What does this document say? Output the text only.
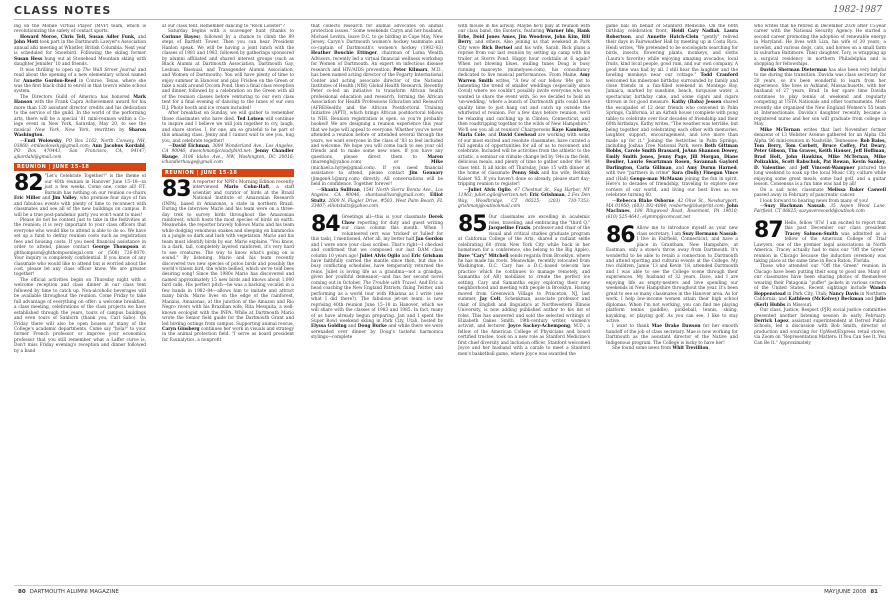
CLASS NOTES	1982-1987

ing on the Mobile Virtual Player (MVP) team, which is revolutionizing the safety of contact sports.

Howard Moroe, Chris Tell, Susan Adler Funk, and John Mott took part in the Dartmouth Lawyer's Association annual alki meeting at Whistler, British Columbia. Next year is scheduled for Snowbird. Following the skiing former Susan Hess hung out at Stonehead Mountain skiing with daughter Jennifer '10 and friends.

It was thrilling to open up The Wall Street Journal and read about the opening of a new elementary school named for Annette Gordon-Reed in Conroe, Texas, where she was the first black child to enroll in that town's white school system.

The Directors Guild of America has honored Mark Hanson with the Frank Capra Achievement award for his more than 120 assistant director credits and his dedication to the service of the guild. In the world of the performing arts, there will be a special '81 mini-reunion within a Co-lege event in New York, Saturday, May 20, to see the musical New York, New York, rewritten by Sharon Washington.

—Emil Wolowsky, PO Box 2162, North Conway, NH, 03860; emilwolowsky@gmail.com; Ann Jacobus Kordahl, PO Box 470443, San Francisco, CA, 94147; ajkordahl@gmail.com

REUNION | JUNE 15-18

82 "Let's Celebrate Together!" is the theme of our 40th reunion in Hanover June 15–18—in just a few weeks. Come one, come all! P.T. Barnum has nothing on our reunion co-chairs Eric Miller and Jim Valley, who promise four days of fun and fabulous events with plenty of time to reconnect with classmates and see all of the new buildings on campus. It will be a true post-pandemic party you won't want to miss!

Please do not be content just to take in the festivities at the reunion; it is very important to your class officers that everyone who would like to attend is able to do so. We have set up a fund to defray reunion costs such as registration fees and housing costs. If you need financial assistance in order to attend, please contact George Thompson at ghthompson@ghthompsonlegal.com or (508) 726-0070. Your inquiry is completely confidential. If you know of any classmate who would like to attend but is worried about the cost, please let any class officer know. We are greater together!

The official activities begin on Thursday night with a welcome reception and class dinner in our class tent followed by time to catch up. Non-alcoholic beverages will be available throughout the reunion. Come Friday to take full advantage of everything on offer: a welcome breakfast, a class meeting, celebrations of the class projects we have established through the years, tours of campus buildings and even tours of Sanborn (thank you, Carl Sabo). On Friday there will also be open houses at many of the College's academic departments. Come say "hola!" to your former French professor or improve your economics professor that you still remember what a Laffer curve is. Don't miss Friday evening's reception and dinner followed by a band

at our class tent. Remember dancing to "Rock Lobster"?

Saturday begins with a scavenger hunt (thanks to Corinne Hayes), followed by a chance to climb the 89 steps of Bartlett Tower. Then you can hear President Hanlon speak. We will be having a joint lunch with the classes of 1981 and 1983, followed by gatherings sponsored by alumni affiliated and shared interest groups (such as Black Alumni at Dartmouth Association, Dartmouth Gay, Lesbian, Bisexual, and Transgender Alumni Association, and Women of Dartmouth). You will have plenty of time to enjoy summer in Hanover and play Frisbee on the Green or take a walk around Occom Pond, then a final class reception and dinner, followed by a celebration on the Green with all of the reunion classes before venturing to our own class tent for a final evening of dancing to the tunes of our own D.J. Photo booth and ice cream included!

After breakfast on Sunday, we will gather to remember those classmates who have died. Ted Lotsen will continue to inspire and I believe we will join together to cry, laugh, and share stories. I, for one, am so grateful to be part of this amazing class. Jenny and I cannot wait to see you, hug you, and celebrate together!

—David Eichman, 3004 Wonderland Ave., Los Angeles, CA 90046; dweichman@cloudybird.net; Jenny Chandler Hauge, 3106 Idaho Ave., NW, Washington, DC 20016; ichandlerhauge@gmail.com

REUNION | JUNE 15-18

83 A reporter for NPR's Morning Edition recently interviewed Mario Cohn-Haft, a staff scientist and curator of birds at the Brazil National Institute of Amazonian Research (INPA), based in Amazonas, a state in northern Brazil. During the interview Mario and his team were on a three-day trek to survey birds throughout the Amazonian rainforest, which hosts the most species of birds on earth. Meanwhile, the reporter bravely follows Mario and his team while dodging venomous snakes and sleeping on hammocks in a jungle so dark and lush with vegetation. Mario and his team must identify birds by ear, Mario explains, "You know, in a dark, tall, completely layered rainforest, it's very hard to see creatures. The way to know what's going on is sound." By listening, Mario and his team recently discovered two new species of potoo birds and possibly the world's tiniest bird, the white bellied, which we've told bees desiring song! Since the 1980s Mario has discovered and named approximately 15 new birds and knows about 1,000 bird calls. His perfect pitch—he was a backing vocalist in a few bands in 1982–84—allows him to imitate and attract many birds. Mario lives on the edge of the rainforest, Manaus, Amazonas, at the junction of the Amazon and Rio Negro rivers with his Brazilian wife, Rita Mesquita, a well-known ecologist with the INPA. While at Dartmouth Mario wrote the Senior field guide for the Dartmouth Grant and led birding outings from campus. Supporting animal rescue, Caryn Ginsberg continues her work in visuals and strategy in the animal protection field. "I serve as board president for Faunalytics, a nonprofit

that collects research for animal advocates on animal protection issues." Some weekends Caryn and her husband, Michael Levitin, leave D.C. to go birding in Cape May, New Jersey. Caryn's Dartmouth women's hockey teammate and co-captain of Dartmouth's women's hockey (1982–83) Heather Bouchie Ettinger, chairman of Luma Wealth Advisors, recently led a virtual financial wellness workshop for Women of Dartmouth. An expert on infectious disease research and HIV/AIDS prevention, Peter Kilmarx, M.D., has been named acting director of the Fogarty International Center and acting associate director of the National Institutes of Health (NIH) Global Health Research. Recently Peter co-led an initiative to transform African health professional education and research, forming the African Association for Health Professions Education and Research (AFREHealth) and the African Postdoctoral Training Initiative (APTI), which brings African postdoctoral fellows to NIH. Reunion registration is open, so you're probably booked! We are designing a reunion experience this year that we hope will appeal to everyone. Whether you've never attended a reunion before or attended several through the years, we want everyone in the class of '83 to feel included and welcome. We hope you will come back to see your old friends and to make some new ones. If you have any questions, please direct them to Maren (marengb@yahoo.com) or Mike (michael.a.hyrje@gmail.com). If you need financial assistance to attend, please contact Jim Gennary (jimgen4.1@mrg.com) directly. All conversations will be held in confidence. Together forever!

—Shanta Sullivan, 1541 North Sierra Bonita Ave., Los Angeles, CA 90046; shantasullivan@gmail.com; Elliot Stultz, 2600 N. Flagler Drive, #503, West Palm Beach, FL 33407; elliotstultz@yahoo.com

84 Greetings all—this is your classmate Derek Chow reporting for duty and guest writing our class column this month. When I volunteered (err, was 'tricked' or 'lulled' for this task), I mentioned, After all, my better half Jan Gordon and I were once your class scribes. That's right—I checked and confirmed that we composed our last DAM class column 10 years ago! Juliet Alvis Ogilo and Eric Grisham have faithfully carried the mantle since then, but due to busy conflicting schedules, have temporarily returned the reins. Juliet is loving life as a grandma—not a grandpa, given her youthful demeanor—and has her second novel coming out in October, The Trouble with Travel. And Eric is head coaching the New England Patriots, fixing Twitter, and performing as a world tour with Rhianna as I write (see what I did there?). The fabulous jet-set team, is now reprising 40th reunion June 15–18 in Hanover, which we will share with the classes of 1983 and 1985. In fact, many of us have already begun preparing. Jan and I spent the Super Bowl weekend skiing in Park City, Utah, hosted by Elyssa Golding and Doug Burke and while there we were serenaded over dinner by Doug's tasteful harmonica stylings—complete

with mouse in his airway. Maybe he'll play at reunion with our class band, the Esoterix, featuring Warner Ido, Hank Erbe, Doid Jones Ames, Jim Woodrow, John Kim, Bill Berry, and others. Also joining us that weekend in Park City were Rick Bertsel and his wife, Sarah. Rick plans a reprise from our last reunion by setting up camp with his trailer at Storrs Pond. Happy hour cocktails at 6 again? When not blowing blues, wailing tunes Doug is busy running maxceyte (munelysee.com), his consultancy dedicated to live musical performances. From Maine, Amy Warren Smith writes, "A few of our fellow '84s got to lamenting the trend of smaller weddings (especially since Covid) where we couldn't possibly invite everyone who we wanted to share the event with. So we decided to hold an 'un-wedding,' where a bunch of Dartmouth girls could have quality time to just hang out and catch up outside the whirlwind of reunion. For a few days before reunion, we'll be relaxing and catching up in Clinton, Connecticut, and then roadtripping together to the wilds of New Hampshire." We'll see you all at reunion! Chairpersons Kaye Kaminetz, Marla Cole, and David Cowhead are working with some of our most excited and resolute classmates, have curated a full agenda of opportunities for all of us to reconnect and celebrate. Included will be activities from the athletic to the artistic, a seminar on climate change led by '84s in the field, delicious meals, and plenty of time to gather under the '84 class tent. It all kicks off Thursday, June 15 with dinner at the home of classmate Penny Sisk and his wife, Bethink Kaiser '85. If you haven't done so already, please start day-tripping reunion to register!

—Juliet Alvis Ogilo, 47 Chestnut St., Sag Harbor, NY 11963; juliet.ogilo@verizon.net; Eric Grishman, 2 Fox Den Way, Woodbridge, CT 06525; (203) 710-7353; grishmanj@outlookmail.com

85 Our classmates are excelling in academic roles, traveling, and embracing the "third Q." Jacqueline Fraxis, professor and chair of the visual and critical studies graduate program at California College of the Arts, shared a radiant selfie celebrating 60 (from New York City while back in her hometown for a conference, she belong to the Big Apple). Dave "Cary" Mitchell sends regards from Brooklyn, where he has made his roots. Meanwhile, recently relocated from Washington, D.C. Cary has a D.C.-based telecom law practice which he continues to manage remotely, and Samantha (of AB) mobilizes to create the perfect ice setting. Cary and Samantha enjoy exploring their new neighborhood and meeting with people in Brooklyn. Having moved from Greenwich Village to Princeton, NJ, last summer, Jay Colt, Schenkman, associate professor and chair of English and linguistics at Northwestern Illinois University, is now adding published author to his list of roles. This has answered and sold the selected writings of Elizabeth Oakes Smith, 19th-century writer, women's activist, and lecturer. Joyce Sackey-Achempong, M.D., a fellow of the American College of Physicians and board certified trustee, took on a new role as Stanford Medicine's first chief diversity and inclusion officer, Stanford welcomed Joyce and her husband with a carafe to meet a Stanford men's basketball game, where Joyce was awarded the

game ball on behalf of Stanford Medicine. On the 60th birthday celebration front, Heidi Cary Nadiak, Laura Robertson, and Annette Hatch-Clein "gently" relived their days in Fairweather Hall by meeting up in Costa Rica. Heidi writes, "We pretended to be sociologists searching for birds, insects, flowering plants, monkeys, and sloths (Laura's favorite) while enjoying amazing avocados, local fruits, kind local people, good rum, and our own company. A good time was had by all. I still hear the laughter and the howling monkeys near our cottage." Todd Cranford welcomed his milestone birthday surrounded by family and close friends in a fun-filled weekend in Montego Bay, Jamaica, marked by sunshine, beach, turquoise water, a spectacular birthday cake, and some cigars and cigars thrown in for good measure. Kathy (Baba) Jessen shared the escapades of 12 dear friends who convened in Palm Springs, California, at an Airbnb house (complete with pong table) to celebrate over four decades of friendship and their 60th birthdays. Kathy writes, "The weather was terrible, but being together and celebrating each other with memories, laughter, support, encouragement, and love more than made up for it." Joining the festivities in Palm Springs, including Joshua Tree National Park, were Beth Gittman Hobbs, Carole Smith Brassard, JoAnn Shannon Dowey, Emily Smith Jones, Jenny Page, Jill Morgan, Diane Boulier, Laurie Swartzman Rosen, Savannah Gaylord Darlington, Carla Gillman, and Amy Durnn Harned, with two "partners in crime" Sara (Dolly) Finegan Vince and (Hall) Gengo-man McMasan joining the fun in spirit. Here's to decades of friendship, traveling to explore new corners of our world, and living our best lives as we celebrate turning 60.

—Rebecca Blake Osborne, 42 Olive St., Newburyport, MA 01950; (603) 392-4084; rosborne@blueprint.com; John MacInnes, 188 Ringwood Road, Rosemont, PA 19010; (610) 525-4641; elymmp@comcast.net

86 Allow me to introduce myself as your new class secretary. I am Suzy Hermann Nassab. I live in Fairfield, Connecticut, and have a place in Grantham, New Hampshire, at Eastman, only a stone's throw away from Dartmouth. It's wonderful to be able to retain a connection to Dartmouth and attend sporting and cultural events at the College. My two children, Jamie '13 and Kevin '18, attended Dartmouth and I was able to see the College scene through their experiences. My husband of 32 years, Dave, and I are enjoying life as empty-nesters and love spending our weekends in New Hampshire throughout the year. It's been great to see so many classmates in the Hanover area. As for work, I help low-income women attain their high school diplomas. When I'm not working, you can find me playing platform tennis (paddle), pickleball, tennis, skiing, kayaking, or playing golf. As you can see, I like to stay active.

I want to thank Mae Drake Dawson for her smooth handoff of the job of class secretary. Mae is now working for Dartmouth as the assistant director of the Native and Indigenous program. The College is lucky to have her!

She found some news from Whit Trevillion,

who writes that he retired in December 2020 after 15-year career with the National Security Agency. He started a second career promoting the adoption of renewable energy in Maryland. He lives with Liza, his wife of 30 years, a novelist, and various dogs, cats, and horses on a small farm in suburban Baltimore. Their daughter, Tory, is wrapping up a surgical residency in northern Philadelphia and is shopping for fellowships.

Davida Sherman Dieterman has also been very helpful to me during this transition. Davida was class secretary for 20 years, so it's been wonderful to learn from her experience. She lives in Ashland, Massachusetts, with her husband of 27 years, Brad. In her spare time Davida continues to play tennis at weekend and regularly competing at USTA Nationals and other tournaments. Most recently she organized the New England Women's 55 team at Intersectionals. Davida's daughter recently became a registered nurse and her son will graduate from college in May.

Mike McTernan writes that last November former denizens of 13 Webster Avenue gathered for an Alpha Chi Alpha '86 mini-reunion in Nashville, Tennessee: Rob Bales, Tom Berry, Tom Corbett, Bruce Coffey, Pat Deary, Peter Gibson, Tim Graves, Keith Hauser, Jeff Hoffman, Brad Holt, John Hawkins, Mike McTernan, Mike Polizakkis, Scott Rabschuk, Pat Rowan, Kevin Sankey, D. Valentine, and Jeff Vincent-Wampner pictured the long weekend to soak up the local Music City culture while enjoying some great meals, some bad golf, and a guitar lesson. Consensus is a fun time was had by all!

On a sad note, classmate Melissa Baker Caswell passed away in February of pancreatic cancer.

I look forward to hearing news from many of you!

—Suzy Hachman Nassab, 35 Aspen Wood Lane, Fairfield, CT 06825; suzyaverevoodd@outlook.com

87 Hello, fellow '87s! I am excited to report that this past December our class president Tracey Salmon-Smith was admitted as a fellow of the American College of Trial Lawyers, one of the premier legal associations in North America. Tracey actually had to miss our "Off the Green" reunion in Chicago because the induction ceremony was taking place at the same time in Boca Raton, Florida.

Those who attended our "Off the Green" reunion in Chicago have been putting their song to good use. Many of our classmates have been sharing photos of themselves wearing their Patagonia "puffer" jackets in various corners of the United States. Recent sightings include Wanda Hoppenstead in Park City, Utah; Nancy Davis in Northern California; and Kathleen (McKelvey) Beckman and Julie (Kerl) Hubbs in Missouri.

Our class, Justice, Respect (PJR) social justice committee presented another listening session in early February. Derrick Lopez, assistant superintendent at Detroit Public Schools, led a discussion with Bob Smith, director of production and sourcing for UpWest/Express retail stores, via Zoom on "Representation Matters: If You Can See It, You Can Be It." Approximately

80 DARTMOUTH ALUMNI MAGAZINE	MAY|JUNE 2008 81
